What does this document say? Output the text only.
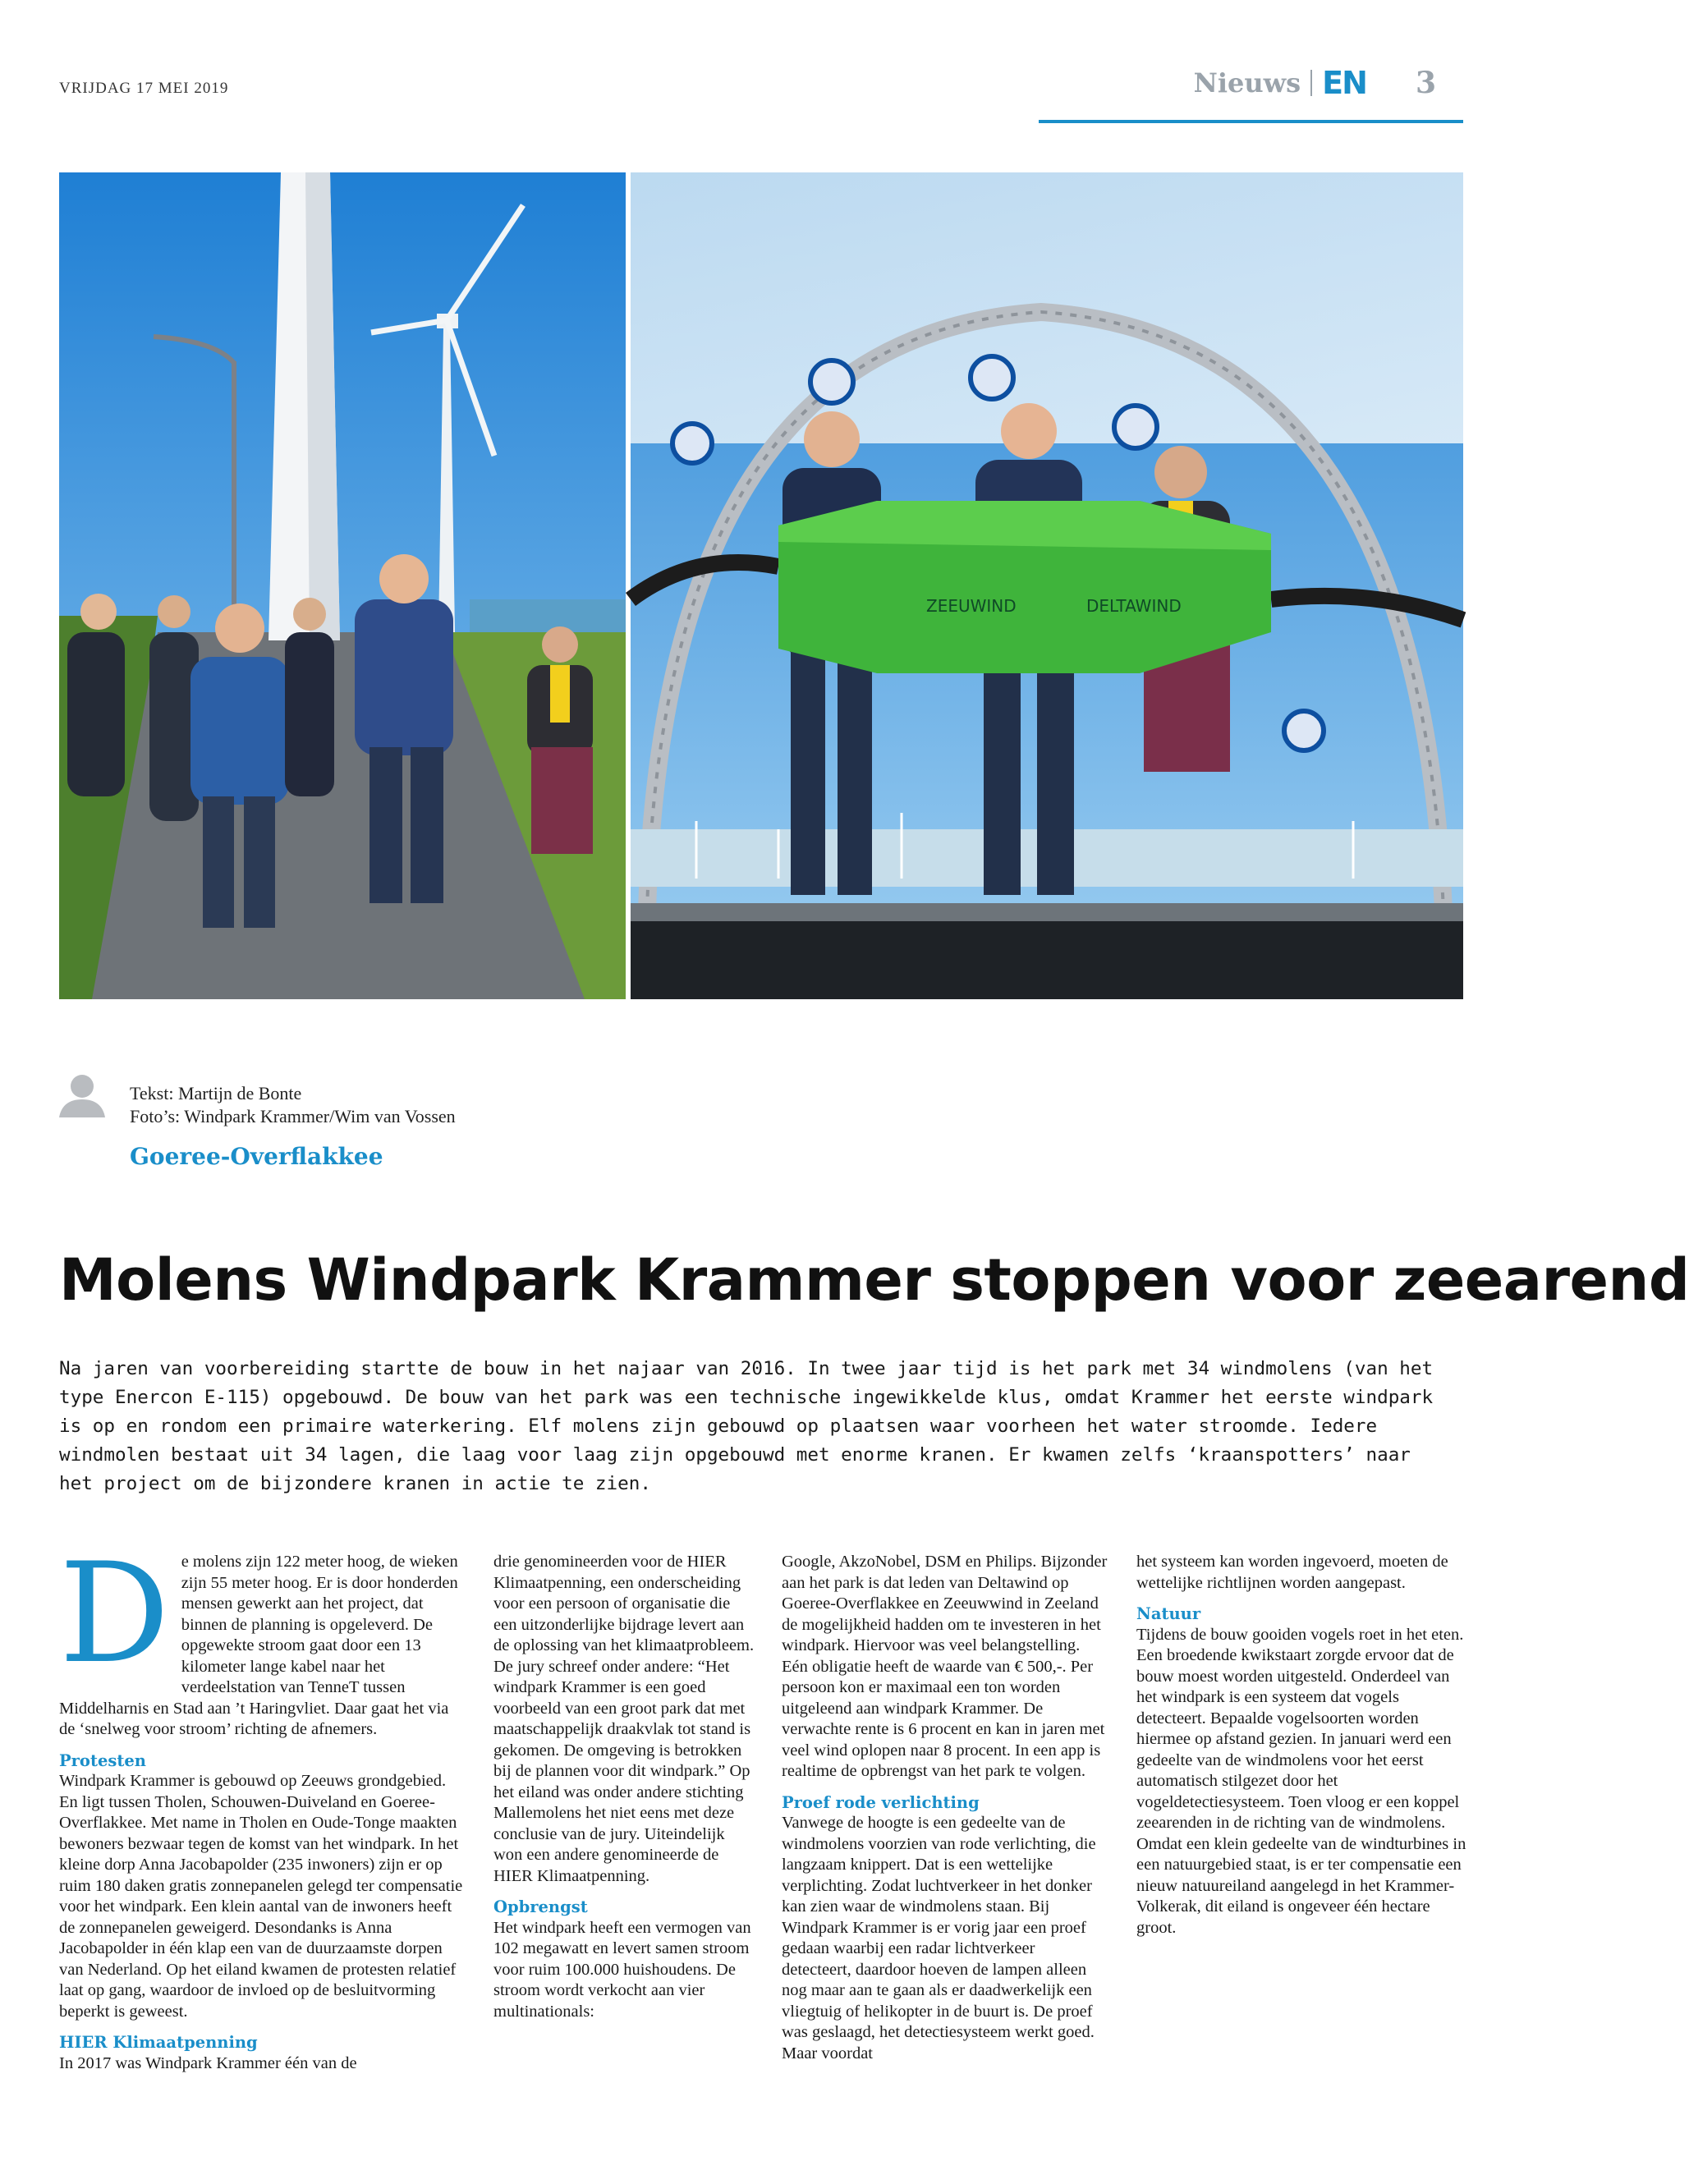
VRIJDAG 17 MEI 2019	Nieuws EN 3
ZEEUWIND	DELTAWIND
Tekst: Martijn de Bonte
Foto’s: Windpark Krammer/Wim van Vossen
Goeree-Overflakkee
Molens Windpark Krammer stoppen voor zeearend
Na jaren van voorbereiding startte de bouw in het najaar van 2016. In twee jaar tijd is het park met 34 windmolens (van het type Enercon E-115) opgebouwd. De bouw van het park was een technische ingewikkelde klus, omdat Krammer het eerste windpark is op en rondom een primaire waterkering. Elf molens zijn gebouwd op plaatsen waar voorheen het water stroomde. Iedere windmolen bestaat uit 34 lagen, die laag voor laag zijn opgebouwd met enorme kranen. Er kwamen zelfs ‘kraanspotters’ naar het project om de bijzondere kranen in actie te zien.
D e molens zijn 122 meter hoog, de wieken zijn 55 meter hoog. Er is door honderden mensen gewerkt aan het project, dat binnen de planning is opgeleverd. De opgewekte stroom gaat door een 13 kilometer lange kabel naar het verdeelstation van TenneT tussen Middelharnis en Stad aan ’t Haringvliet. Daar gaat het via de ‘snelweg voor stroom’ richting de afnemers.

Protesten

Windpark Krammer is gebouwd op Zeeuws grondgebied. En ligt tussen Tholen, Schouwen-Duiveland en Goeree-Overflakkee. Met name in Tholen en Oude-Tonge maakten bewoners bezwaar tegen de komst van het windpark. In het kleine dorp Anna Jacobapolder (235 inwoners) zijn er op ruim 180 daken gratis zonnepanelen gelegd ter compensatie voor het windpark. Een klein aantal van de inwoners heeft de zonnepanelen geweigerd. Desondanks is Anna Jacobapolder in één klap een van de duurzaamste dorpen van Nederland. Op het eiland kwamen de protesten relatief laat op gang, waardoor de invloed op de besluitvorming beperkt is geweest.

HIER Klimaatpenning

In 2017 was Windpark Krammer één van de

drie genomineerden voor de HIER Klimaatpenning, een onderscheiding voor een persoon of organisatie die een uitzonderlijke bijdrage levert aan de oplossing van het klimaatprobleem. De jury schreef onder andere: “Het windpark Krammer is een goed voorbeeld van een groot park dat met maatschappelijk draakvlak tot stand is gekomen. De omgeving is betrokken bij de plannen voor dit windpark.” Op het eiland was onder andere stichting Mallemolens het niet eens met deze conclusie van de jury. Uiteindelijk won een andere genomineerde de HIER Klimaatpenning.

Opbrengst

Het windpark heeft een vermogen van 102 megawatt en levert samen stroom voor ruim 100.000 huishoudens. De stroom wordt verkocht aan vier multinationals:

Google, AkzoNobel, DSM en Philips. Bijzonder aan het park is dat leden van Deltawind op Goeree-Overflakkee en Zeeuwwind in Zeeland de mogelijkheid hadden om te investeren in het windpark. Hiervoor was veel belangstelling. Eén obligatie heeft de waarde van € 500,-. Per persoon kon er maximaal een ton worden uitgeleend aan windpark Krammer. De verwachte rente is 6 procent en kan in jaren met veel wind oplopen naar 8 procent. In een app is realtime de opbrengst van het park te volgen.

Proef rode verlichting

Vanwege de hoogte is een gedeelte van de windmolens voorzien van rode verlichting, die langzaam knippert. Dat is een wettelijke verplichting. Zodat luchtverkeer in het donker kan zien waar de windmolens staan. Bij Windpark Krammer is er vorig jaar een proef gedaan waarbij een radar lichtverkeer detecteert, daardoor hoeven de lampen alleen nog maar aan te gaan als er daadwerkelijk een vliegtuig of helikopter in de buurt is. De proef was geslaagd, het detectiesysteem werkt goed. Maar voordat

het systeem kan worden ingevoerd, moeten de wettelijke richtlijnen worden aangepast.

Natuur

Tijdens de bouw gooiden vogels roet in het eten. Een broedende kwikstaart zorgde ervoor dat de bouw moest worden uitgesteld. Onderdeel van het windpark is een systeem dat vogels detecteert. Bepaalde vogelsoorten worden hiermee op afstand gezien. In januari werd een gedeelte van de windmolens voor het eerst automatisch stilgezet door het vogeldetectiesysteem. Toen vloog er een koppel zeearenden in de richting van de windmolens. Omdat een klein gedeelte van de windturbines in een natuurgebied staat, is er ter compensatie een nieuw natuureiland aangelegd in het Krammer-Volkerak, dit eiland is ongeveer één hectare groot.
